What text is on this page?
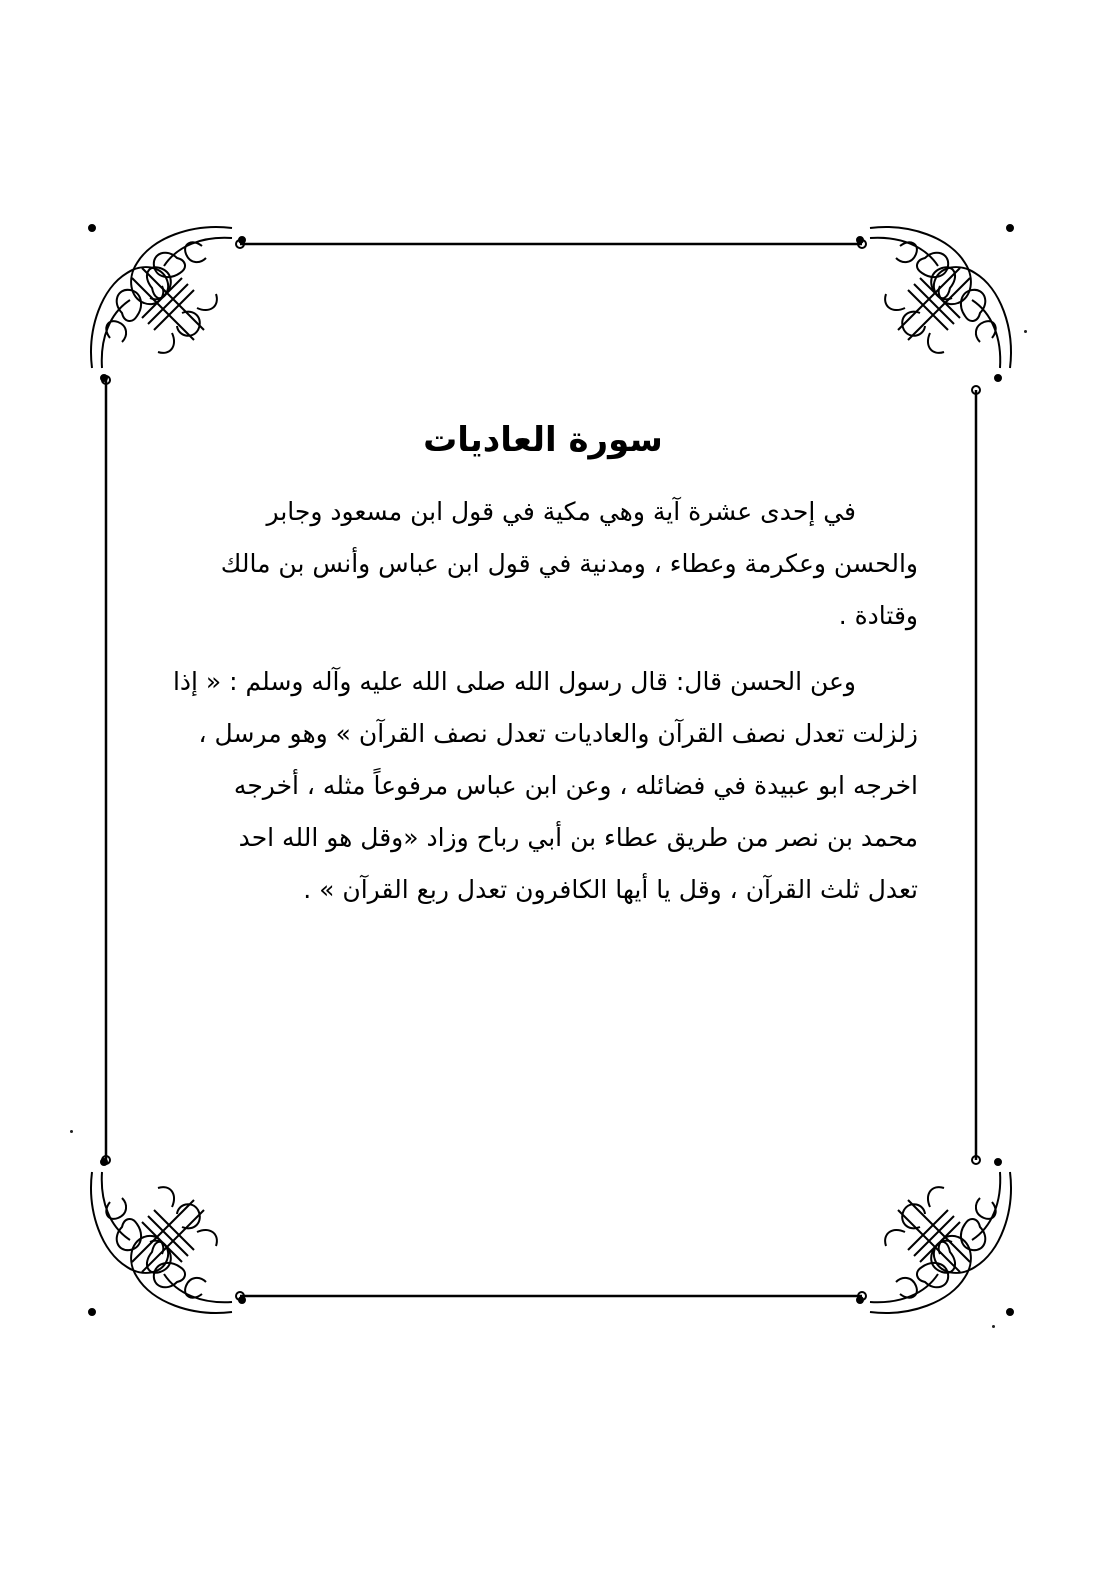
سورة العاديات

في إحدى عشرة آية وهي مكية في قول ابن مسعود وجابر
والحسن وعكرمة وعطاء ، ومدنية في قول ابن عباس وأنس بن مالك
وقتادة .

وعن الحسن قال: قال رسول الله صلى الله عليه وآله وسلم : « إذا
زلزلت تعدل نصف القرآن والعاديات تعدل نصف القرآن » وهو مرسل ،
اخرجه ابو عبيدة في فضائله ، وعن ابن عباس مرفوعاً مثله ، أخرجه
محمد بن نصر من طريق عطاء بن أبي رباح وزاد «وقل هو الله احد
تعدل ثلث القرآن ، وقل يا أيها الكافرون تعدل ربع القرآن » .
